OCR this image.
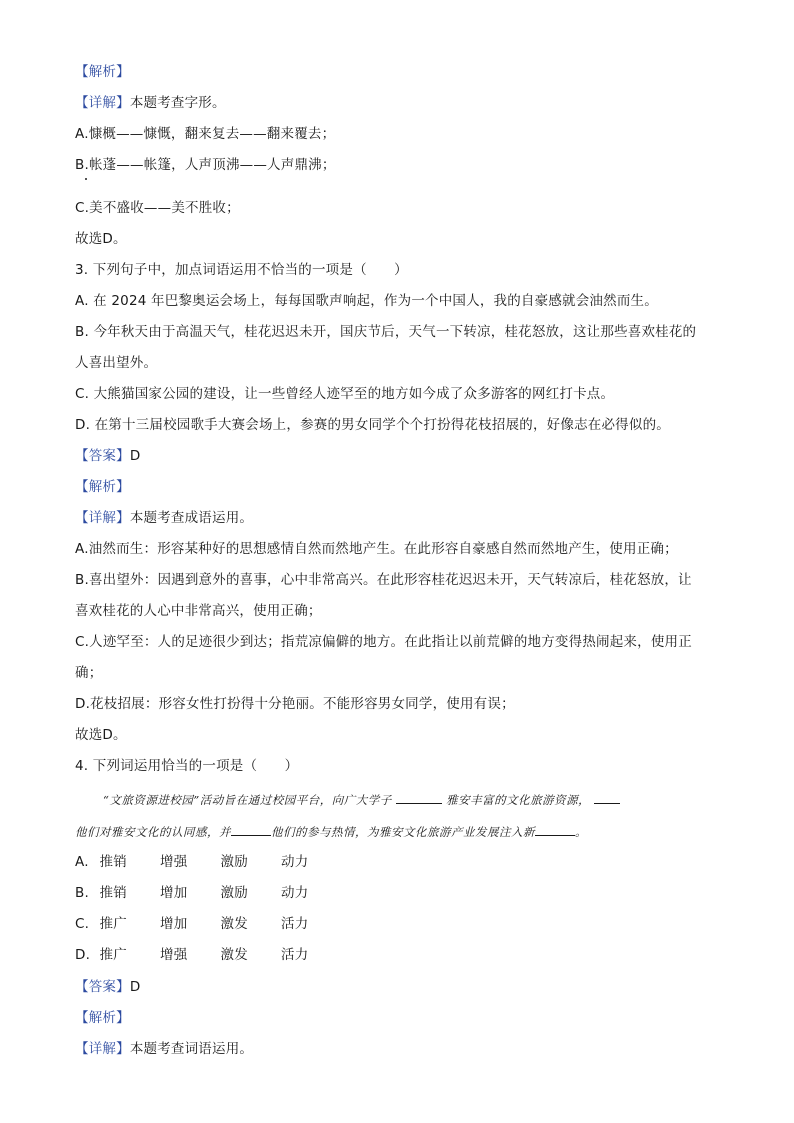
【解析】
【详解】本题考查字形。
A.慷概——慷慨，翻来复去——翻来覆去；
B.帐蓬——帐篷，人声顶沸——人声鼎沸；
C.美不盛收——美不胜收；
故选D。
3. 下列句子中，加点词语运用不恰当的一项是（　　）
A. 在 2024 年巴黎奥运会场上，每每国歌声响起，作为一个中国人，我的自豪感就会油然而生。
B. 今年秋天由于高温天气，桂花迟迟未开，国庆节后，天气一下转凉，桂花怒放，这让那些喜欢桂花的
人喜出望外。
C. 大熊猫国家公园的建设，让一些曾经人迹罕至的地方如今成了众多游客的网红打卡点。
D. 在第十三届校园歌手大赛会场上，参赛的男女同学个个打扮得花枝招展的，好像志在必得似的。
【答案】D
【解析】
【详解】本题考查成语运用。
A.油然而生：形容某种好的思想感情自然而然地产生。在此形容自豪感自然而然地产生，使用正确；
B.喜出望外：因遇到意外的喜事，心中非常高兴。在此形容桂花迟迟未开，天气转凉后，桂花怒放，让
喜欢桂花的人心中非常高兴，使用正确；
C.人迹罕至：人的足迹很少到达；指荒凉偏僻的地方。在此指让以前荒僻的地方变得热闹起来，使用正
确；
D.花枝招展：形容女性打扮得十分艳丽。不能形容男女同学，使用有误；
故选D。
4. 下列词运用恰当的一项是（　　）
“文旅资源进校园”活动旨在通过校园平台，向广大学子	雅安丰富的文化旅游资源，
他们对雅安文化的认同感，并	他们的参与热情，为雅安文化旅游产业发展注入新	。
A. 推销 增强 激励 动力
B. 推销 增加 激励 动力
C. 推广 增加 激发 活力
D. 推广 增强 激发 活力
【答案】D
【解析】
【详解】本题考查词语运用。
